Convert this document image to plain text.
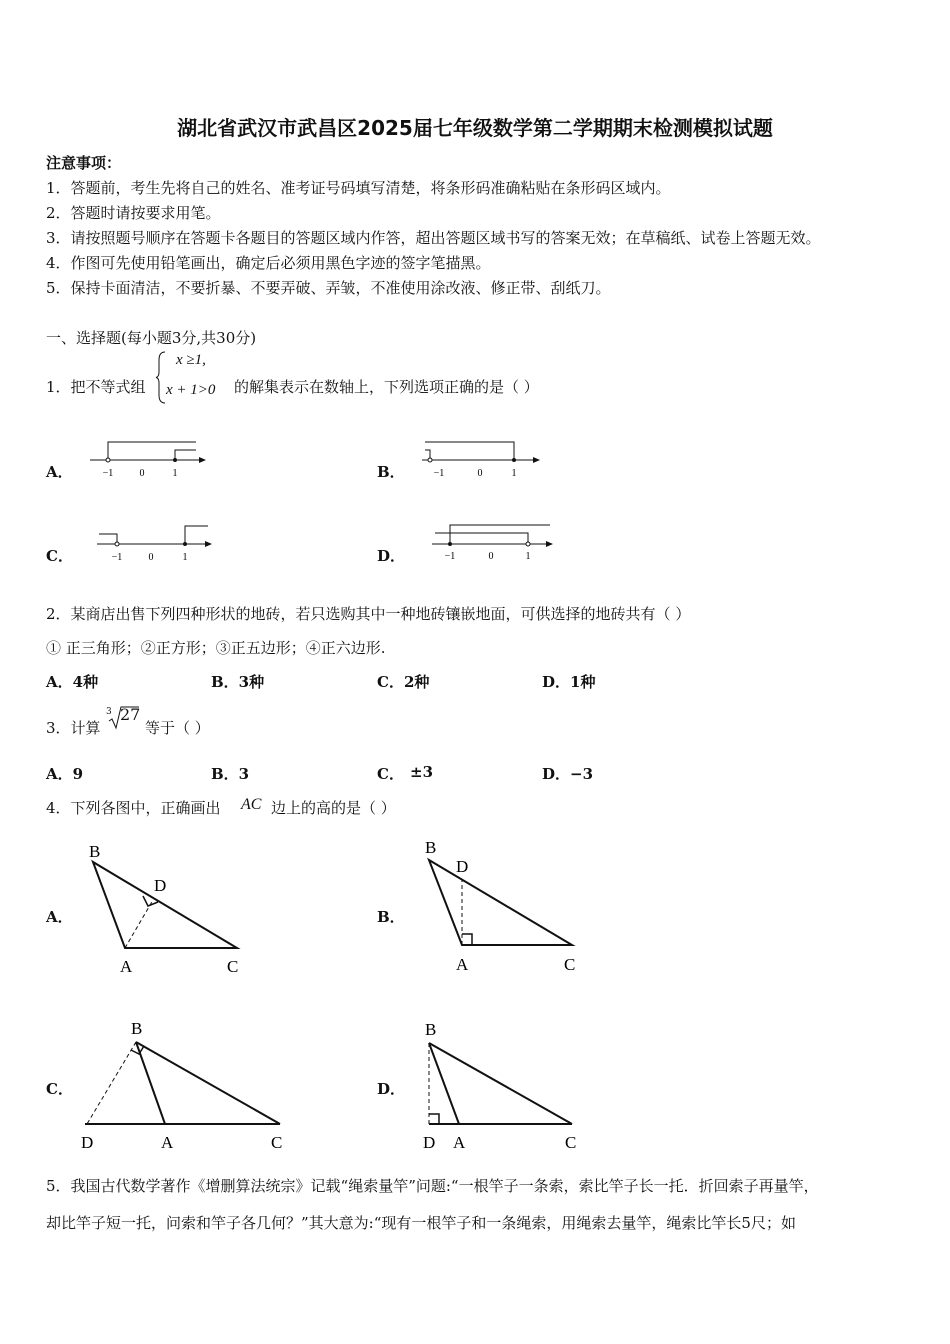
湖北省武汉市武昌区2025届七年级数学第二学期期末检测模拟试题
注意事项：
1．答题前，考生先将自己的姓名、准考证号码填写清楚，将条形码准确粘贴在条形码区域内。
2．答题时请按要求用笔。
3．请按照题号顺序在答题卡各题目的答题区域内作答，超出答题区域书写的答案无效；在草稿纸、试卷上答题无效。
4．作图可先使用铅笔画出，确定后必须用黑色字迹的签字笔描黑。
5．保持卡面清洁，不要折暴、不要弄破、弄皱，不准使用涂改液、修正带、刮纸刀。
一、选择题(每小题3分,共30分)
1．把不等式组
x ≥1,
x + 1>0 的解集表示在数轴上，下列选项正确的是（ ）
A．	−1	0	1	B．	−1	0	1
C．	−1	0	1	D．	−1	0	1
2．某商店出售下列四种形状的地砖，若只选购其中一种地砖镶嵌地面，可供选择的地砖共有（ ）
① 正三角形；②正方形；③正五边形；④正六边形.
A．4种	B．3种	C．2种	D．1种
3．计算
3 27
等于（ ）
A．9	B．3	C． ±3	D．−3
4．下列各图中，正确画出 AC 边上的高的是（ ）
A．
B
D
A	C
B．
B
D
A	C
C．
B
D	A	C
D．
B
D A	C
5．我国古代数学著作《增删算法统宗》记载“绳索量竿”问题:“一根竿子一条索，索比竿子长一托．折回索子再量竿，
却比竿子短一托，问索和竿子各几何？”其大意为:“现有一根竿子和一条绳索，用绳索去量竿，绳索比竿长5尺；如
